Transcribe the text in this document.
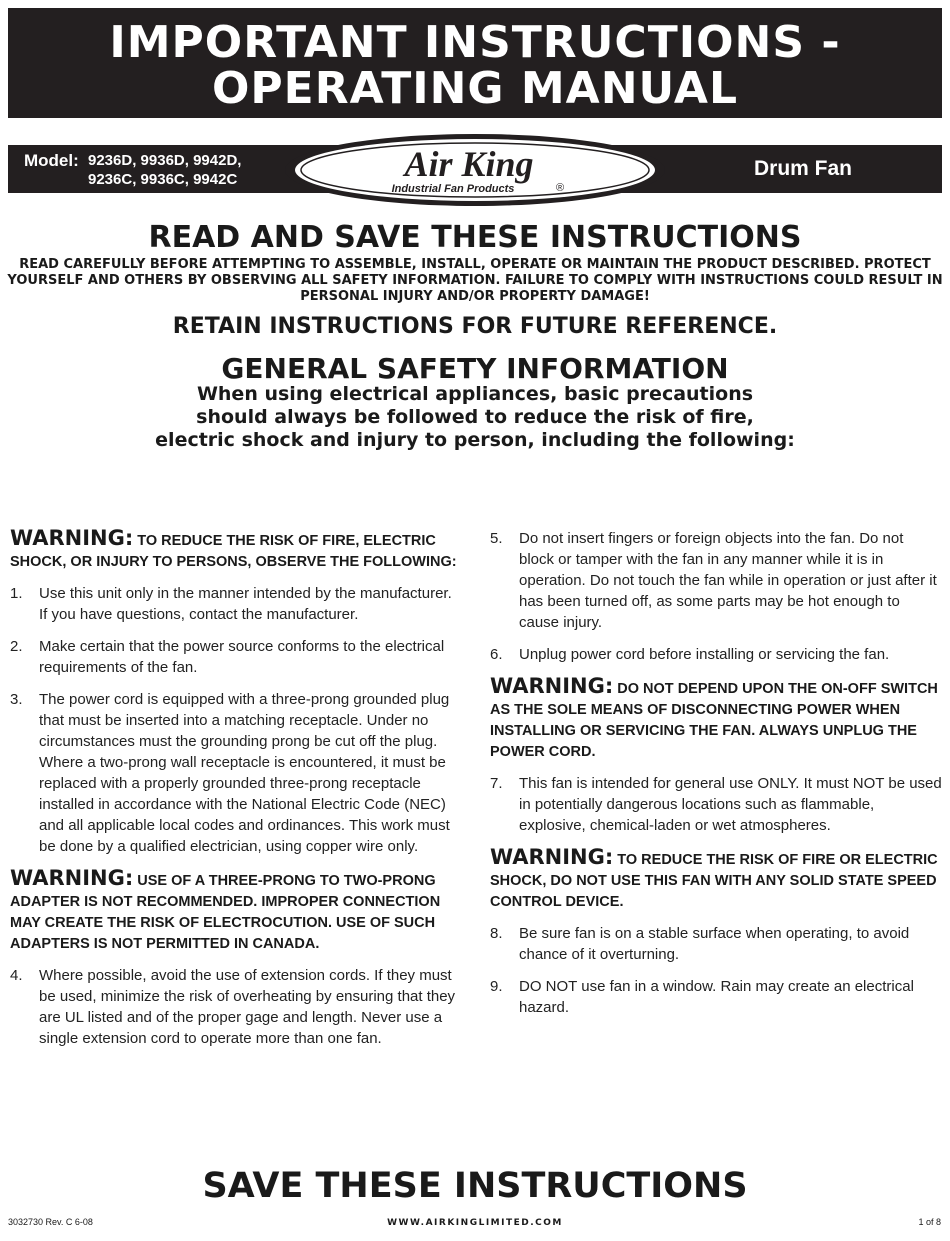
IMPORTANT INSTRUCTIONS -
OPERATING MANUAL
Model: 9236D, 9936D, 9942D,
9236C, 9936C, 9942C	Drum Fan
Air King
Industrial Fan Products	®
READ AND SAVE THESE INSTRUCTIONS
READ CAREFULLY BEFORE ATTEMPTING TO ASSEMBLE, INSTALL, OPERATE OR MAINTAIN THE PRODUCT DESCRIBED. PROTECT YOURSELF AND OTHERS BY OBSERVING ALL SAFETY INFORMATION. FAILURE TO COMPLY WITH INSTRUCTIONS COULD RESULT IN PERSONAL INJURY AND/OR PROPERTY DAMAGE!
RETAIN INSTRUCTIONS FOR FUTURE REFERENCE.
GENERAL SAFETY INFORMATION
When using electrical appliances, basic precautions
should always be followed to reduce the risk of fire,
electric shock and injury to person, including the following:
WARNING: TO REDUCE THE RISK OF FIRE, ELECTRIC SHOCK, OR INJURY TO PERSONS, OBSERVE THE FOLLOWING:
1.	Use this unit only in the manner intended by the manufacturer. If you have questions, contact the manufacturer.
2.	Make certain that the power source conforms to the electrical requirements of the fan.
3.	The power cord is equipped with a three-prong grounded plug that must be inserted into a matching receptacle. Under no circumstances must the grounding prong be cut off the plug. Where a two-prong wall receptacle is encountered, it must be replaced with a properly grounded three-prong receptacle installed in accordance with the National Electric Code (NEC) and all applicable local codes and ordinances. This work must be done by a qualified electrician, using copper wire only.
WARNING: USE OF A THREE-PRONG TO TWO-PRONG ADAPTER IS NOT RECOMMENDED. IMPROPER CONNECTION MAY CREATE THE RISK OF ELECTROCUTION. USE OF SUCH ADAPTERS IS NOT PERMITTED IN CANADA.
4.	Where possible, avoid the use of extension cords. If they must be used, minimize the risk of overheating by ensuring that they are UL listed and of the proper gage and length. Never use a single extension cord to operate more than one fan.
5.	Do not insert fingers or foreign objects into the fan. Do not block or tamper with the fan in any manner while it is in operation. Do not touch the fan while in operation or just after it has been turned off, as some parts may be hot enough to cause injury.
6.	Unplug power cord before installing or servicing the fan.
WARNING: DO NOT DEPEND UPON THE ON-OFF SWITCH AS THE SOLE MEANS OF DISCONNECTING POWER WHEN INSTALLING OR SERVICING THE FAN. ALWAYS UNPLUG THE POWER CORD.
7.	This fan is intended for general use ONLY. It must NOT be used in potentially dangerous locations such as flammable, explosive, chemical-laden or wet atmospheres.
WARNING: TO REDUCE THE RISK OF FIRE OR ELECTRIC SHOCK, DO NOT USE THIS FAN WITH ANY SOLID STATE SPEED CONTROL DEVICE.
8.	Be sure fan is on a stable surface when operating, to avoid chance of it overturning.
9.	DO NOT use fan in a window. Rain may create an electrical hazard.
SAVE THESE INSTRUCTIONS
3032730 Rev. C 6-08	WWW.AIRKINGLIMITED.COM	1 of 8
